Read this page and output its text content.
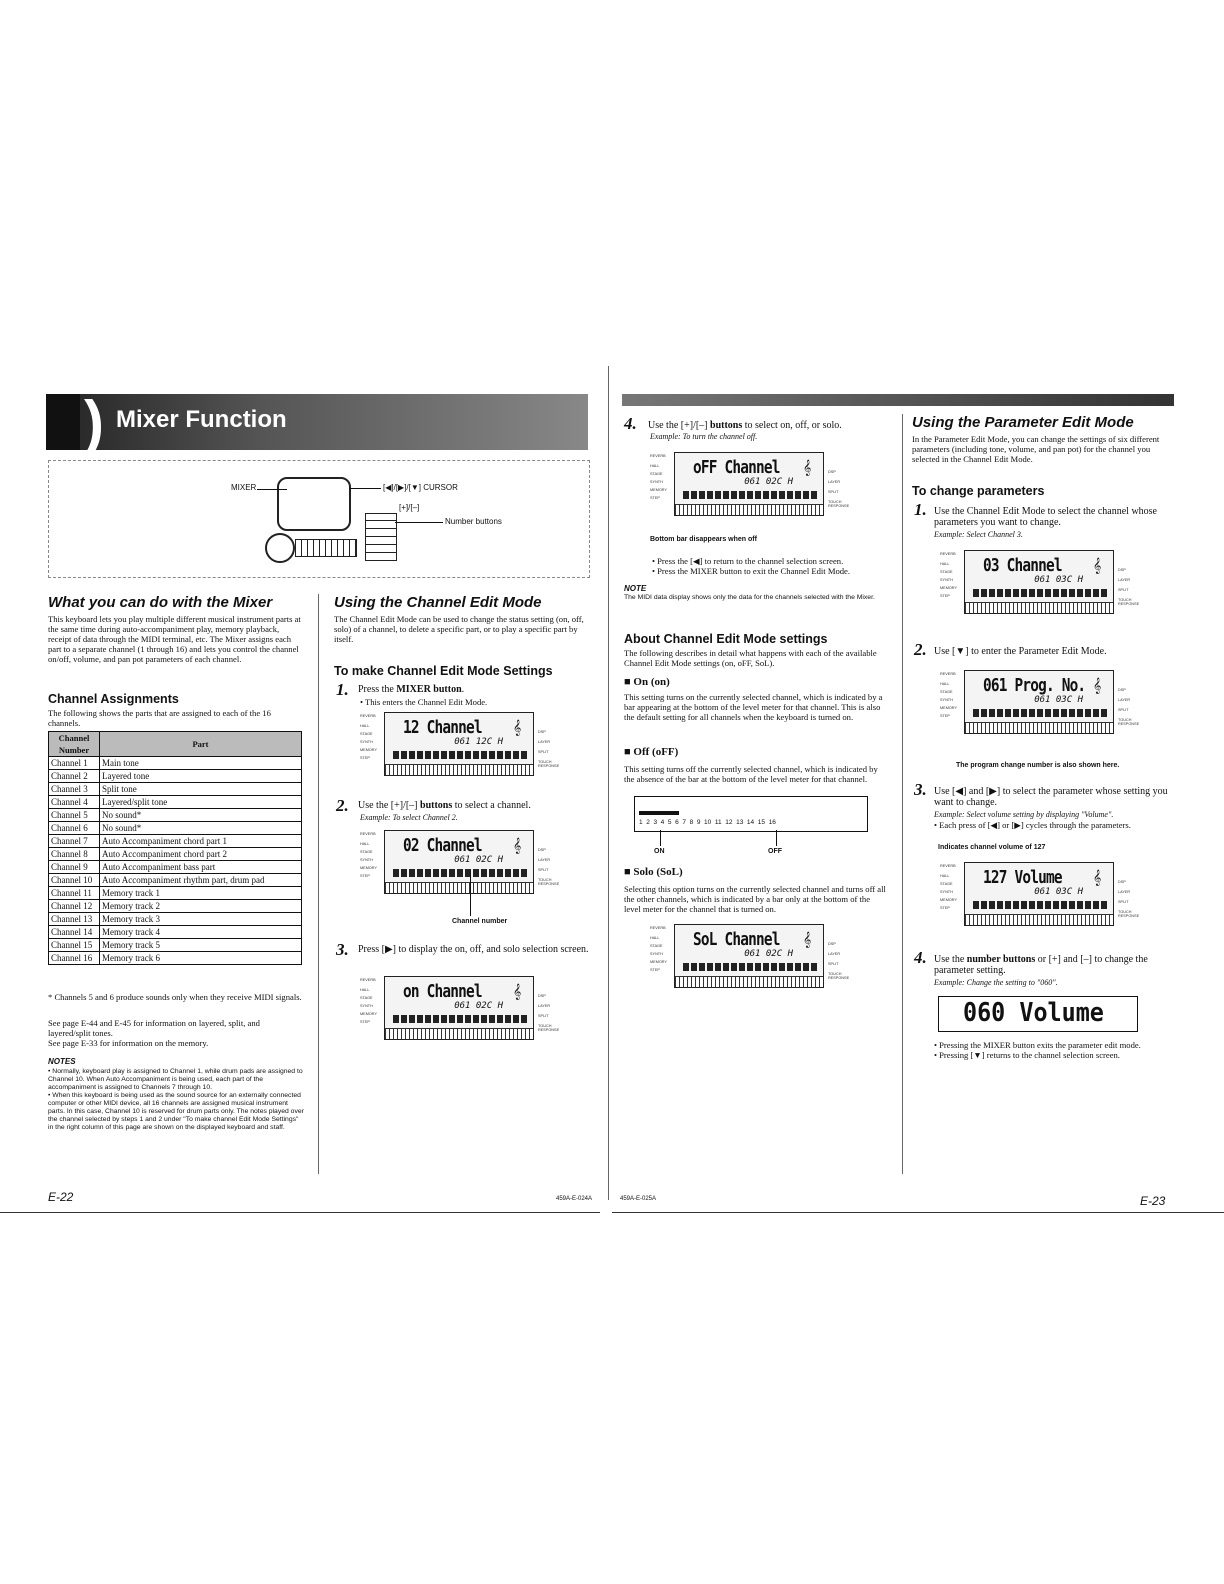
) Mixer Function
MIXER	[◀]/[▶]/[▼] CURSOR
[+]/[–]
Number buttons
What you can do with the Mixer
This keyboard lets you play multiple different musical instrument parts at the same time during auto-accompaniment play, memory playback, receipt of data through the MIDI terminal, etc. The Mixer assigns each part to a separate channel (1 through 16) and lets you control the channel on/off, volume, and pan pot parameters of each channel.
Channel Assignments
The following shows the parts that are assigned to each of the 16 channels.
Channel Number	Part
Channel 1	Main tone
Channel 2	Layered tone
Channel 3	Split tone
Channel 4	Layered/split tone
Channel 5	No sound*
Channel 6	No sound*
Channel 7	Auto Accompaniment chord part 1
Channel 8	Auto Accompaniment chord part 2
Channel 9	Auto Accompaniment bass part
Channel 10	Auto Accompaniment rhythm part, drum pad
Channel 11	Memory track 1
Channel 12	Memory track 2
Channel 13	Memory track 3
Channel 14	Memory track 4
Channel 15	Memory track 5
Channel 16	Memory track 6
* Channels 5 and 6 produce sounds only when they receive MIDI signals.
See page E-44 and E-45 for information on layered, split, and layered/split tones.
See page E-33 for information on the memory.
NOTES
• Normally, keyboard play is assigned to Channel 1, while drum pads are assigned to Channel 10. When Auto Accompaniment is being used, each part of the accompaniment is assigned to Channels 7 through 10.
• When this keyboard is being used as the sound source for an externally connected computer or other MIDI device, all 16 channels are assigned musical instrument parts. In this case, Channel 10 is reserved for drum parts only. The notes played over the channel selected by steps 1 and 2 under "To make channel Edit Mode Settings" in the right column of this page are shown on the displayed keyboard and staff.
E-22
Using the Channel Edit Mode
The Channel Edit Mode can be used to change the status setting (on, off, solo) of a channel, to delete a specific part, or to play a specific part by itself.
To make Channel Edit Mode Settings
1. Press the MIXER button.
• This enters the Channel Edit Mode.
REVERB
HALL
STAGE
SYNTH
MEMORY
STEP
12 Channel
061 12C H
𝄞	DSP
LAYER
SPLIT
TOUCH RESPONSE
2. Use the [+]/[–] buttons to select a channel.
Example: To select Channel 2.
REVERB
HALL
STAGE
SYNTH
MEMORY
STEP
02 Channel
061 02C H
𝄞	DSP
LAYER
SPLIT
TOUCH RESPONSE
Channel number
3. Press [▶] to display the on, off, and solo selection screen.
REVERB
HALL
STAGE
SYNTH
MEMORY
STEP
on Channel
061 02C H
𝄞	DSP
LAYER
SPLIT
TOUCH RESPONSE
459A-E-024A
4. Use the [+]/[–] buttons to select on, off, or solo.
Example: To turn the channel off.
REVERB
HALL
STAGE
SYNTH
MEMORY
STEP
oFF Channel
061 02C H
𝄞	DSP
LAYER
SPLIT
TOUCH RESPONSE
Bottom bar disappears when off
• Press the [◀] to return to the channel selection screen.
• Press the MIXER button to exit the Channel Edit Mode.
NOTE
The MIDI data display shows only the data for the channels selected with the Mixer.
About Channel Edit Mode settings
The following describes in detail what happens with each of the available Channel Edit Mode settings (on, oFF, SoL).
■ On (on)
This setting turns on the currently selected channel, which is indicated by a bar appearing at the bottom of the level meter for that channel. This is also the default setting for all channels when the keyboard is turned on.
■ Off (oFF)
This setting turns off the currently selected channel, which is indicated by the absence of the bar at the bottom of the level meter for that channel.
1  2  3  4  5  6  7  8  9  10  11  12  13  14  15  16
ON	OFF
■ Solo (SoL)
Selecting this option turns on the currently selected channel and turns off all the other channels, which is indicated by a bar only at the bottom of the level meter for the channel that is turned on.
REVERB
HALL
STAGE
SYNTH
MEMORY
STEP
SoL Channel
061 02C H
𝄞	DSP
LAYER
SPLIT
TOUCH RESPONSE
459A-E-025A
Using the Parameter Edit Mode
In the Parameter Edit Mode, you can change the settings of six different parameters (including tone, volume, and pan pot) for the channel you selected in the Channel Edit Mode.
To change parameters
1. Use the Channel Edit Mode to select the channel whose parameters you want to change.
Example: Select Channel 3.
REVERB
HALL
STAGE
SYNTH
MEMORY
STEP
03 Channel
061 03C H
𝄞	DSP
LAYER
SPLIT
TOUCH RESPONSE
2. Use [▼] to enter the Parameter Edit Mode.
REVERB
HALL
STAGE
SYNTH
MEMORY
STEP
061 Prog. No.
061 03C H
𝄞	DSP
LAYER
SPLIT
TOUCH RESPONSE
The program change number is also shown here.
3. Use [◀] and [▶] to select the parameter whose setting you want to change.
Example: Select volume setting by displaying "Volume".
• Each press of [◀] or [▶] cycles through the parameters.
Indicates channel volume of 127
REVERB
HALL
STAGE
SYNTH
MEMORY
STEP
127 Volume
061 03C H
𝄞	DSP
LAYER
SPLIT
TOUCH RESPONSE
4. Use the number buttons or [+] and [–] to change the parameter setting.
Example: Change the setting to "060".
060 Volume
• Pressing the MIXER button exits the parameter edit mode.
• Pressing [▼] returns to the channel selection screen.
E-23
